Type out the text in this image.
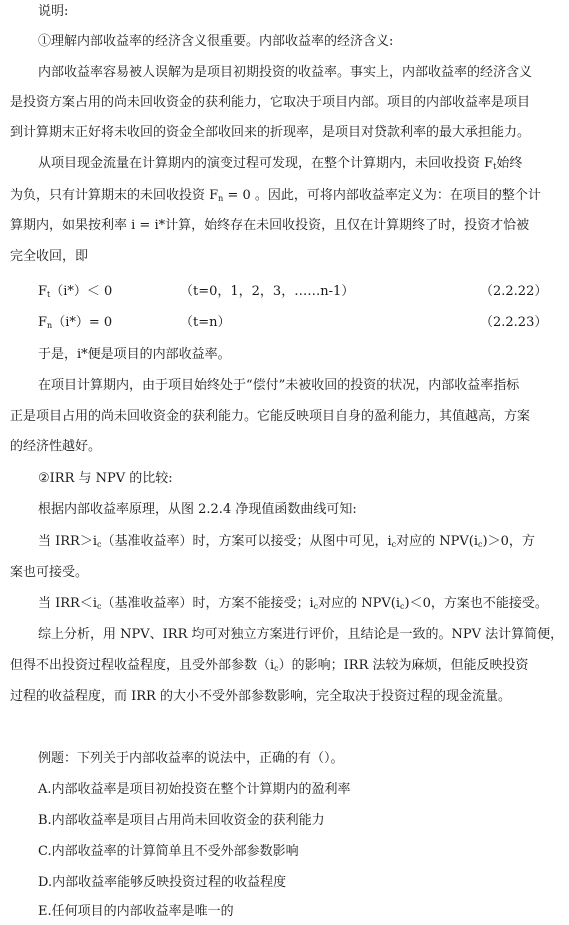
说明:
①理解内部收益率的经济含义很重要。内部收益率的经济含义:
内部收益率容易被人误解为是项目初期投资的收益率。事实上，内部收益率的经济含义
是投资方案占用的尚未回收资金的获利能力，它取决于项目内部。项目的内部收益率是项目
到计算期末正好将未收回的资金全部收回来的折现率，是项目对贷款利率的最大承担能力。
从项目现金流量在计算期内的演变过程可发现，在整个计算期内，未回收投资 $F_t$始终
为负，只有计算期末的未回收投资 $F_n = 0$ 。因此，可将内部收益率定义为：在项目的整个计
算期内，如果按利率 i = i*计算，始终存在未回收投资，且仅在计算期终了时，投资才恰被
完全收回，即
$F_t(i*)< 0$	（t=0，1，2，3，……n-1）	（2.2.22）
$F_n(i*)= 0$	（t=n）	（2.2.23）
于是，i*便是项目的内部收益率。
在项目计算期内，由于项目始终处于“偿付”未被收回的投资的状况，内部收益率指标
正是项目占用的尚未回收资金的获利能力。它能反映项目自身的盈利能力，其值越高，方案
的经济性越好。
②IRR 与 NPV 的比较:
根据内部收益率原理，从图 2.2.4 净现值函数曲线可知:
当 $IRR>i_c$（基准收益率）时，方案可以接受；从图中可见，$i_c$对应的 $NPV(i_c)>0$，方
案也可接受。
当 $IRR<i_c$（基准收益率）时，方案不能接受；$i_c$对应的 $NPV(i_c)<0$，方案也不能接受。
综上分析，用 NPV、IRR 均可对独立方案进行评价，且结论是一致的。NPV 法计算简便，
但得不出投资过程收益程度，且受外部参数$(i_c)$的影响；IRR 法较为麻烦，但能反映投资
过程的收益程度，而 IRR 的大小不受外部参数影响，完全取决于投资过程的现金流量。
例题：下列关于内部收益率的说法中，正确的有（）。
A.内部收益率是项目初始投资在整个计算期内的盈利率
B.内部收益率是项目占用尚未回收资金的获利能力
C.内部收益率的计算简单且不受外部参数影响
D.内部收益率能够反映投资过程的收益程度
E.任何项目的内部收益率是唯一的
